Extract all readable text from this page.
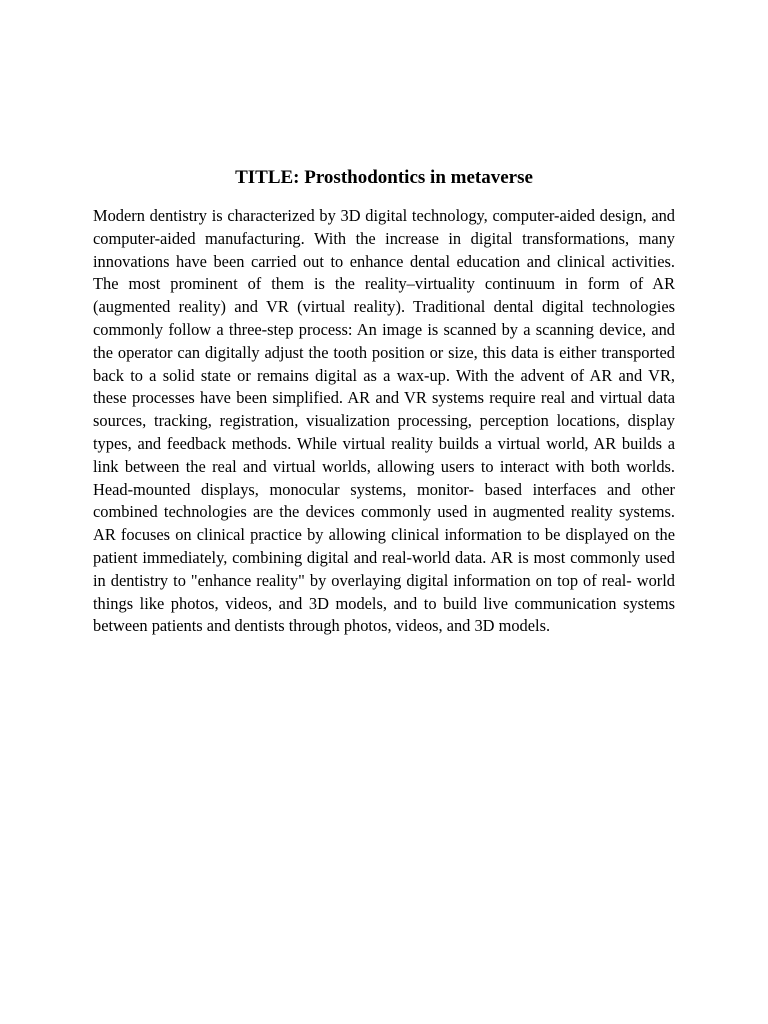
TITLE: Prosthodontics in metaverse

Modern dentistry is characterized by 3D digital technology, computer-aided design, and computer-aided manufacturing. With the increase in digital transformations, many innovations have been carried out to enhance dental education and clinical activities. The most prominent of them is the reality–virtuality continuum in form of AR (augmented reality) and VR (virtual reality). Traditional dental digital technologies commonly follow a three-step process: An image is scanned by a scanning device, and the operator can digitally adjust the tooth position or size, this data is either transported back to a solid state or remains digital as a wax-up. With the advent of AR and VR, these processes have been simplified. AR and VR systems require real and virtual data sources, tracking, registration, visualization processing, perception locations, display types, and feedback methods. While virtual reality builds a virtual world, AR builds a link between the real and virtual worlds, allowing users to interact with both worlds. Head-mounted displays, monocular systems, monitor- based interfaces and other combined technologies are the devices commonly used in augmented reality systems. AR focuses on clinical practice by allowing clinical information to be displayed on the patient immediately, combining digital and real-world data. AR is most commonly used in dentistry to "enhance reality" by overlaying digital information on top of real- world things like photos, videos, and 3D models, and to build live communication systems between patients and dentists through photos, videos, and 3D models.
